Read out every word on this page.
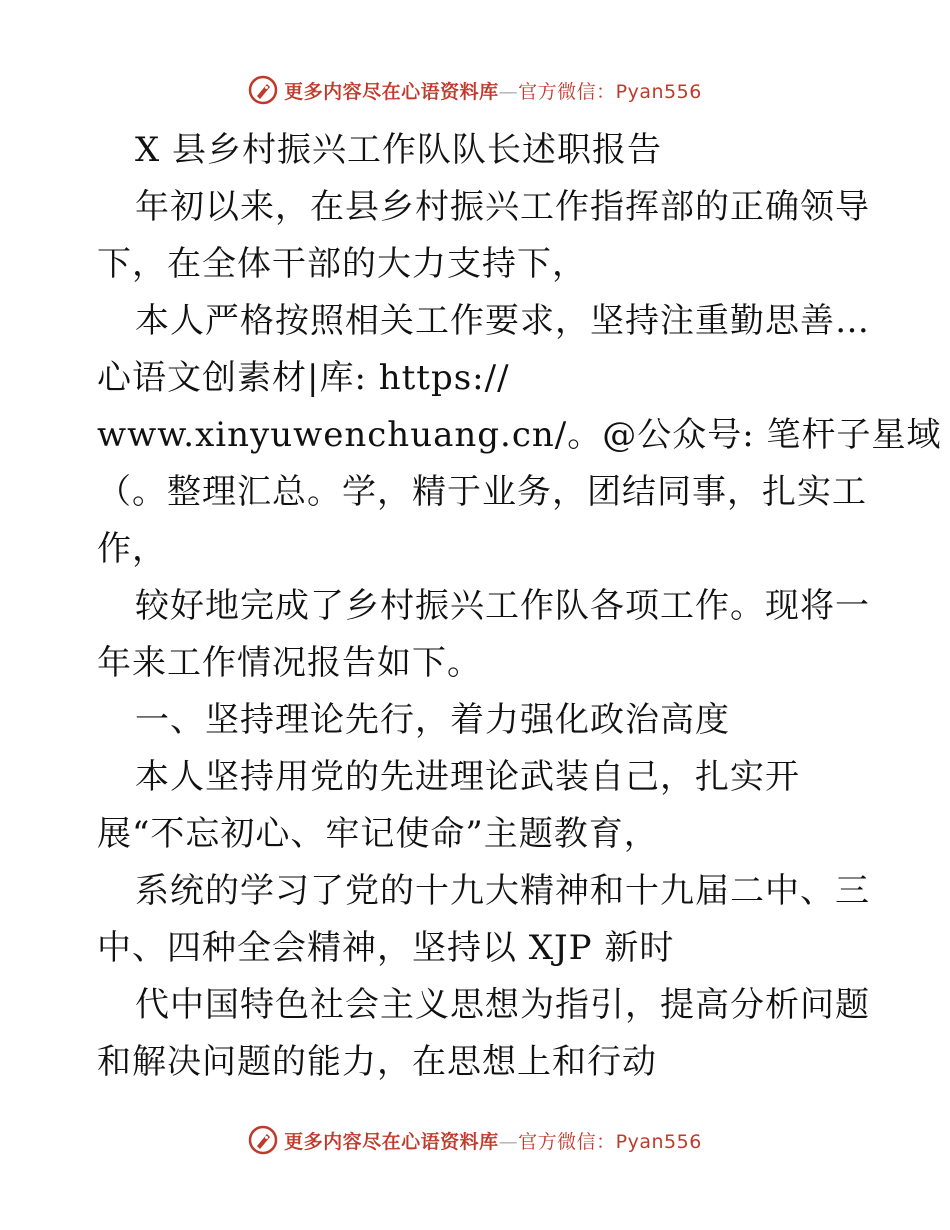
更多内容尽在心语资料库—官方微信：Pyan556
X 县乡村振兴工作队队长述职报告
年初以来，在县乡村振兴工作指挥部的正确领导
下，在全体干部的大力支持下，
本人严格按照相关工作要求，坚持注重勤思善…
心语文创素材|库: https://
www.xinyuwenchuang.cn/。@公众号: 笔杆子星域
（。整理汇总。学，精于业务，团结同事，扎实工
作，
较好地完成了乡村振兴工作队各项工作。现将一
年来工作情况报告如下。
一、坚持理论先行，着力强化政治高度
本人坚持用党的先进理论武装自己，扎实开
展“不忘初心、牢记使命”主题教育，
系统的学习了党的十九大精神和十九届二中、三
中、四种全会精神，坚持以 XJP 新时
代中国特色社会主义思想为指引，提高分析问题
和解决问题的能力，在思想上和行动
更多内容尽在心语资料库—官方微信：Pyan556
